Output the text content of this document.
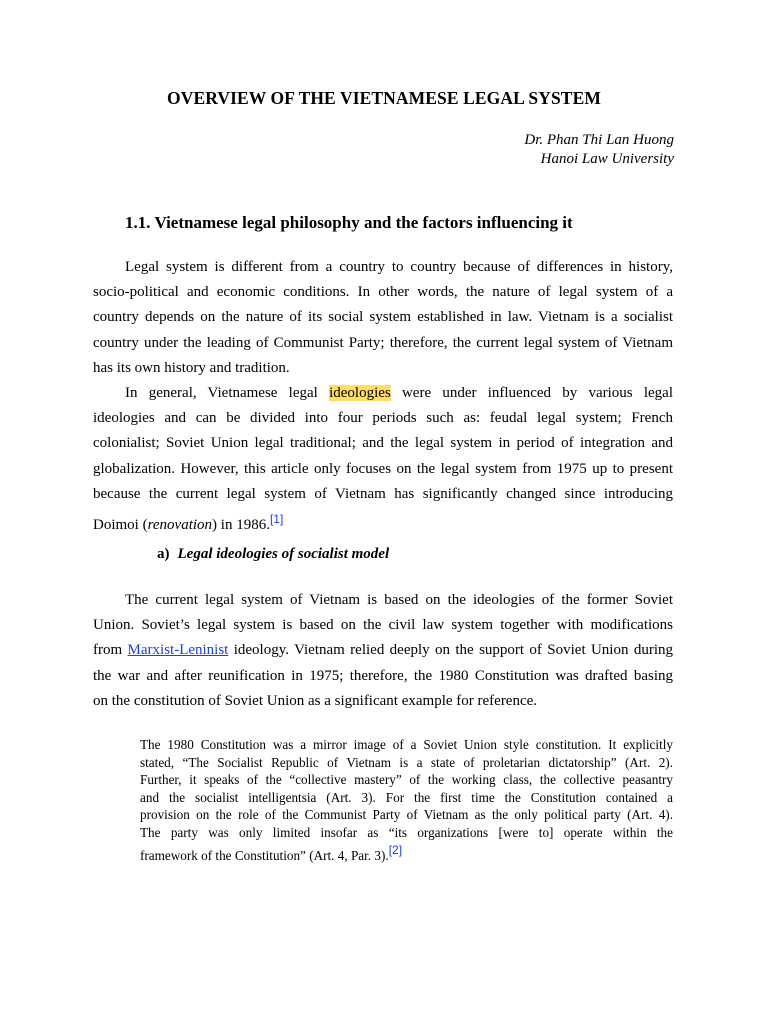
OVERVIEW OF THE VIETNAMESE LEGAL SYSTEM
Dr. Phan Thi Lan Huong
Hanoi Law University
1.1. Vietnamese legal philosophy and the factors influencing it

Legal system is different from a country to country because of differences in history,
socio-political and economic conditions. In other words, the nature of legal system of a
country depends on the nature of its social system established in law. Vietnam is a socialist
country under the leading of Communist Party; therefore, the current legal system of Vietnam
has its own history and tradition.

In general, Vietnamese legal ideologies were under influenced by various legal
ideologies and can be divided into four periods such as: feudal legal system; French
colonialist; Soviet Union legal traditional; and the legal system in period of integration and
globalization. However, this article only focuses on the legal system from 1975 up to present
because the current legal system of Vietnam has significantly changed since introducing
Doimoi (renovation) in 1986.[1]

a) Legal ideologies of socialist model

The current legal system of Vietnam is based on the ideologies of the former Soviet
Union. Soviet’s legal system is based on the civil law system together with modifications
from Marxist-Leninist ideology. Vietnam relied deeply on the support of Soviet Union during
the war and after reunification in 1975; therefore, the 1980 Constitution was drafted basing
on the constitution of Soviet Union as a significant example for reference.

The 1980 Constitution was a mirror image of a Soviet Union style constitution. It explicitly
stated, “The Socialist Republic of Vietnam is a state of proletarian dictatorship” (Art. 2).
Further, it speaks of the “collective mastery” of the working class, the collective peasantry
and the socialist intelligentsia (Art. 3). For the first time the Constitution contained a
provision on the role of the Communist Party of Vietnam as the only political party (Art. 4).
The party was only limited insofar as “its organizations [were to] operate within the
framework of the Constitution” (Art. 4, Par. 3).[2]
